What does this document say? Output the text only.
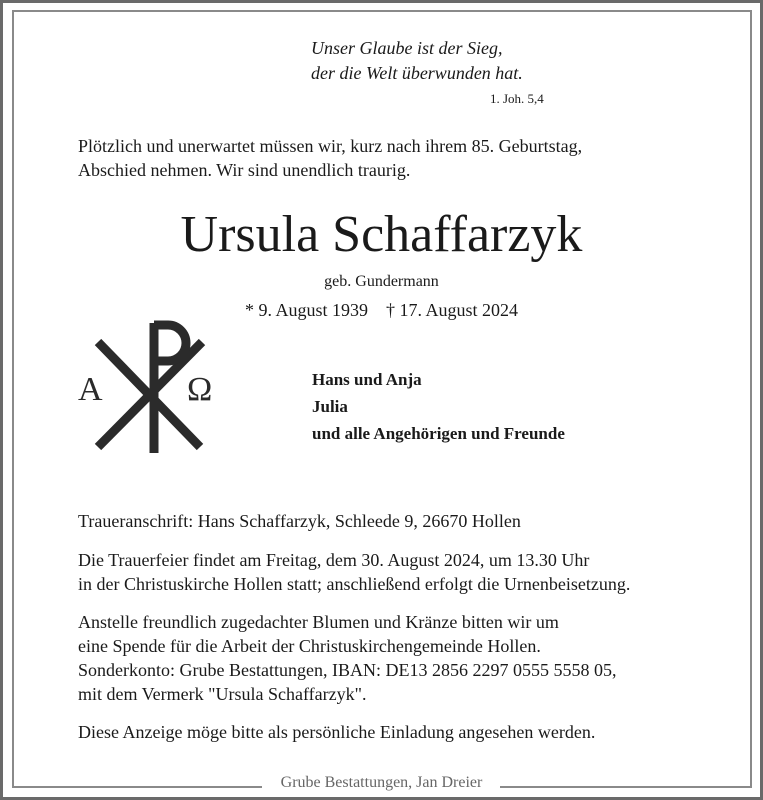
Unser Glaube ist der Sieg,

der die Welt überwunden hat.

1. Joh. 5,4

Plötzlich und unerwartet müssen wir, kurz nach ihrem 85. Geburtstag,

Abschied nehmen. Wir sind unendlich traurig.

Ursula Schaffarzyk
geb. Gundermann
* 9. August 1939 † 17. August 2024
A Ω	Hans und Anja

Julia

und alle Angehörigen und Freunde

Traueranschrift: Hans Schaffarzyk, Schleede 9, 26670 Hollen

Die Trauerfeier findet am Freitag, dem 30. August 2024, um 13.30 Uhr

in der Christuskirche Hollen statt; anschließend erfolgt die Urnenbeisetzung.

Anstelle freundlich zugedachter Blumen und Kränze bitten wir um

eine Spende für die Arbeit der Christuskirchengemeinde Hollen.

Sonderkonto: Grube Bestattungen, IBAN: DE13 2856 2297 0555 5558 05,

mit dem Vermerk "Ursula Schaffarzyk".

Diese Anzeige möge bitte als persönliche Einladung angesehen werden.
Grube Bestattungen, Jan Dreier
